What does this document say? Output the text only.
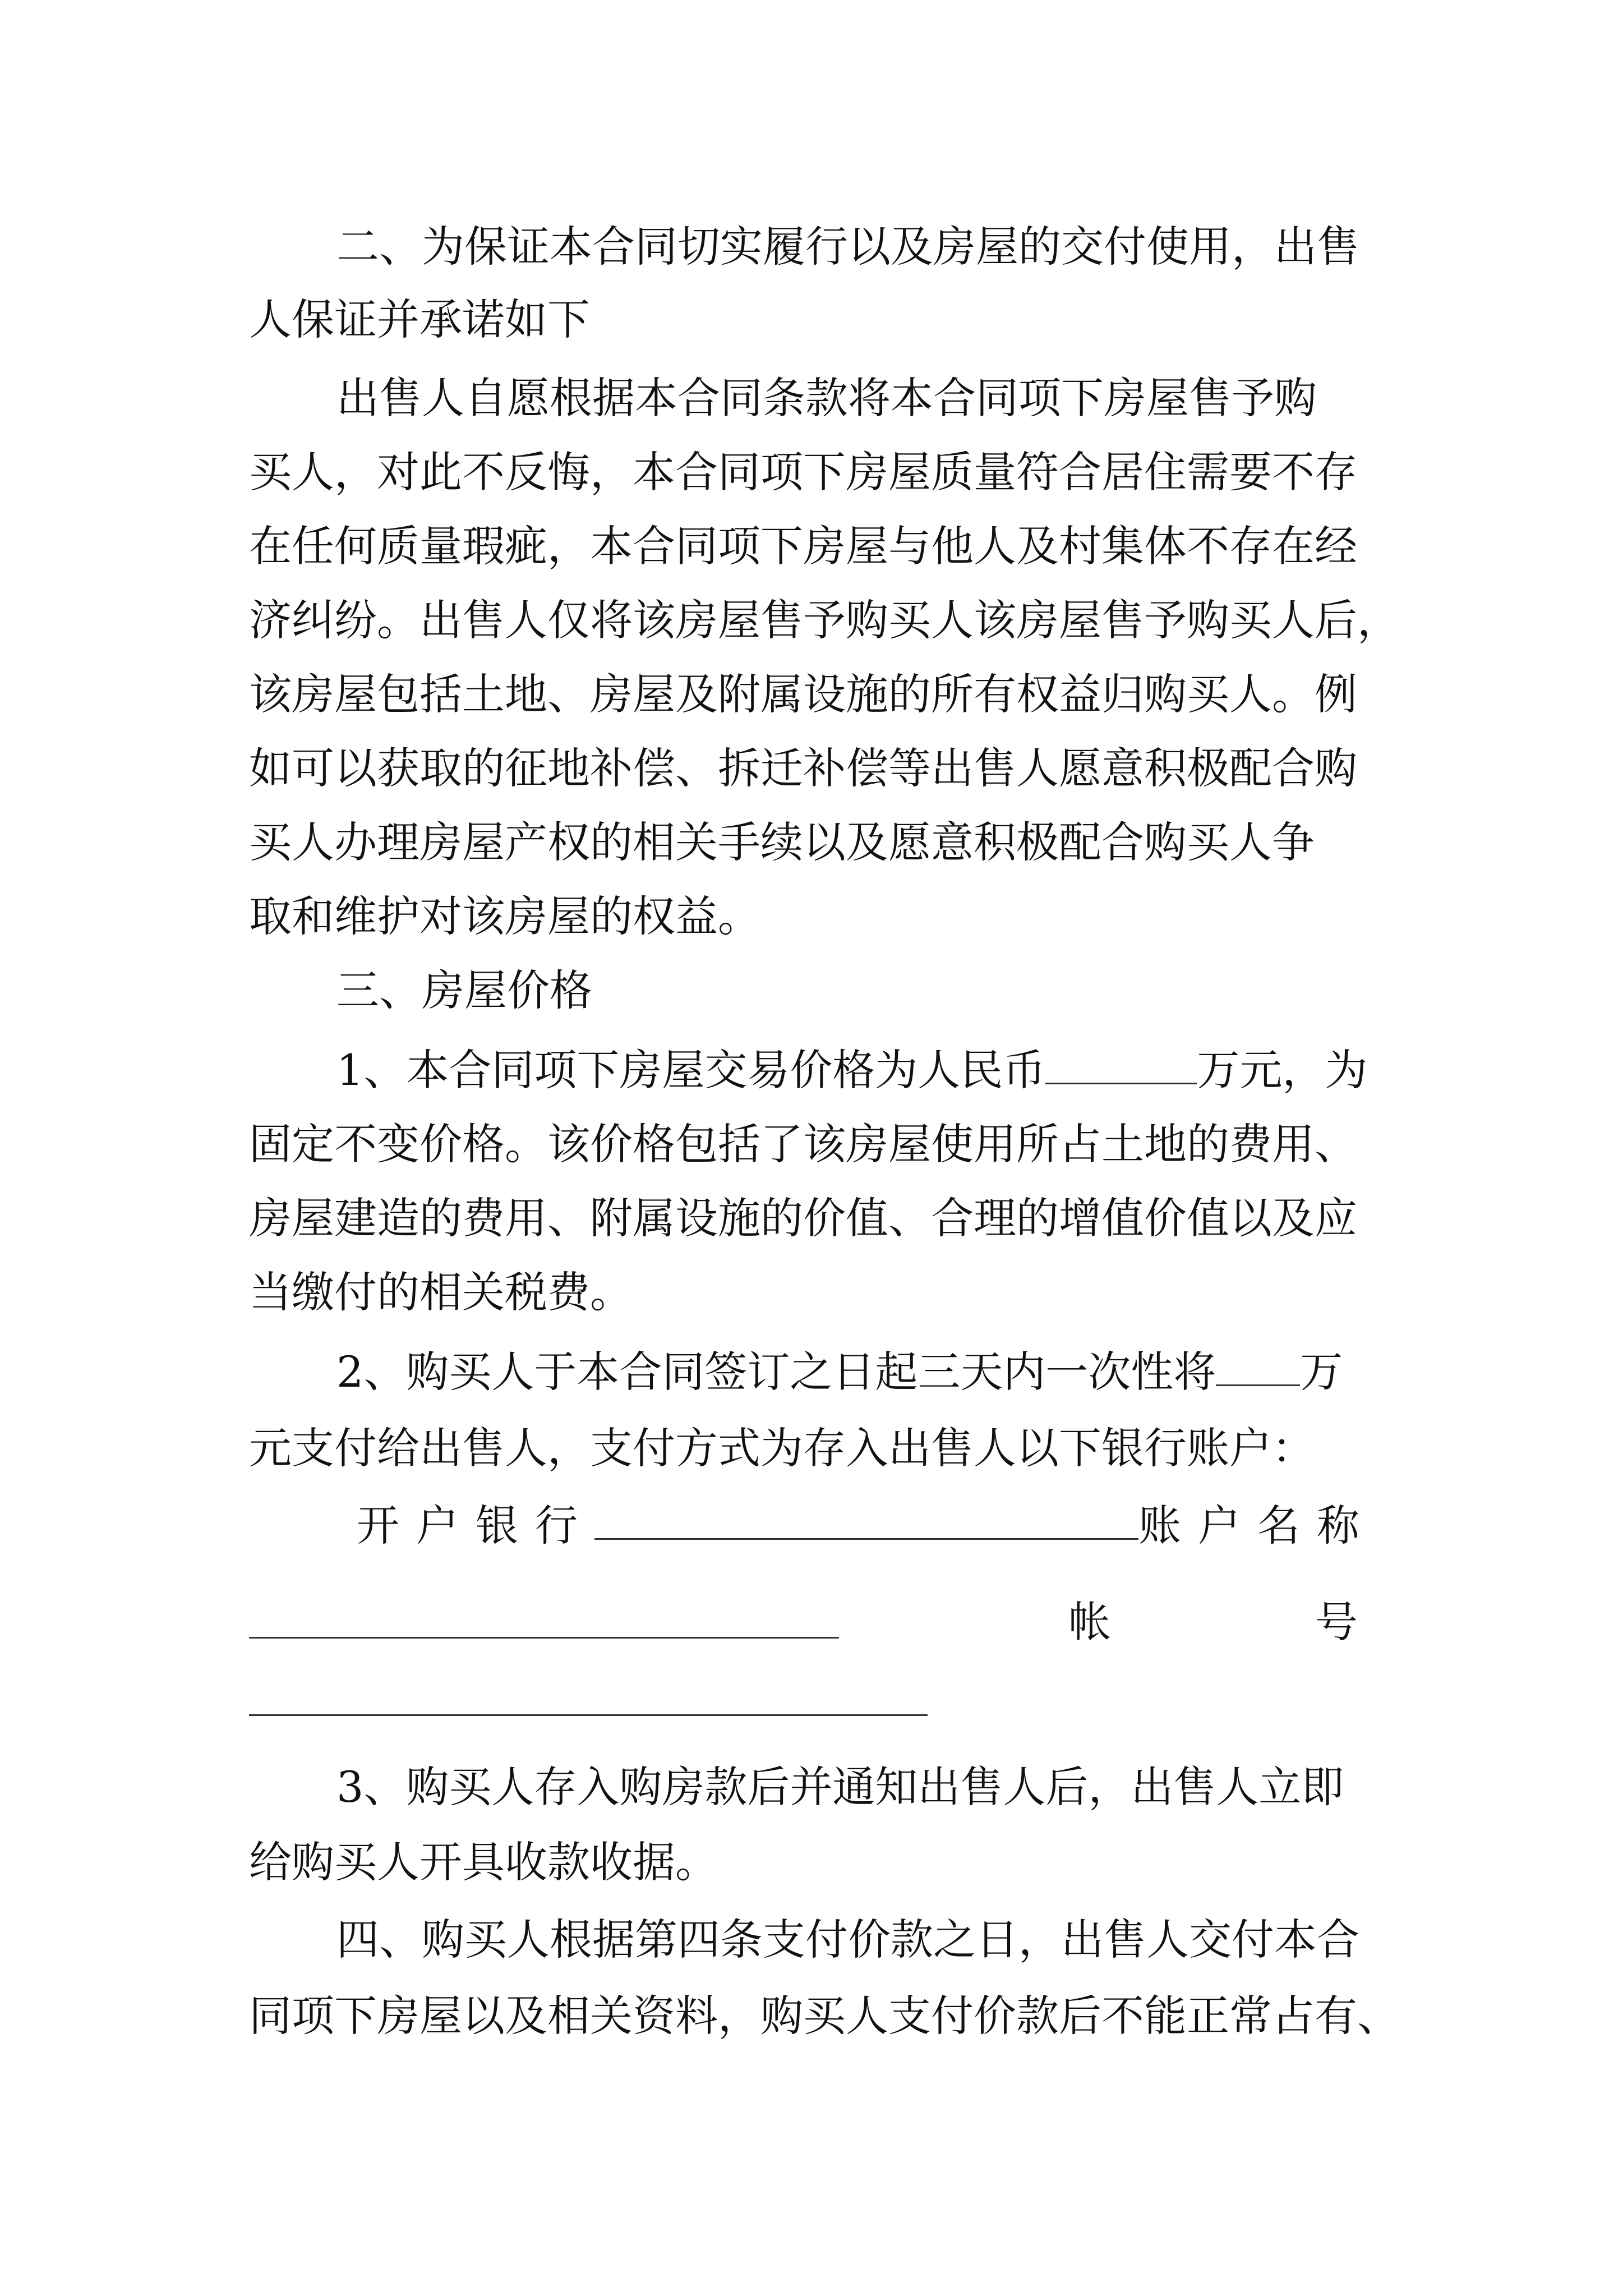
二、为保证本合同切实履行以及房屋的交付使用，出售
人保证并承诺如下
出售人自愿根据本合同条款将本合同项下房屋售予购
买人，对此不反悔，本合同项下房屋质量符合居住需要不存
在任何质量瑕疵，本合同项下房屋与他人及村集体不存在经
济纠纷。出售人仅将该房屋售予购买人该房屋售予购买人后，
该房屋包括土地、房屋及附属设施的所有权益归购买人。例
如可以获取的征地补偿、拆迁补偿等出售人愿意积极配合购
买人办理房屋产权的相关手续以及愿意积极配合购买人争
取和维护对该房屋的权益。
三、房屋价格
1、本合同项下房屋交易价格为人民币	万元，为
固定不变价格。该价格包括了该房屋使用所占土地的费用、
房屋建造的费用、附属设施的价值、合理的增值价值以及应
当缴付的相关税费。
2、购买人于本合同签订之日起三天内一次性将 万
元支付给出售人，支付方式为存入出售人以下银行账户：
开户银行	账户名称
帐	号
3、购买人存入购房款后并通知出售人后，出售人立即
给购买人开具收款收据。
四、购买人根据第四条支付价款之日，出售人交付本合
同项下房屋以及相关资料，购买人支付价款后不能正常占有、
